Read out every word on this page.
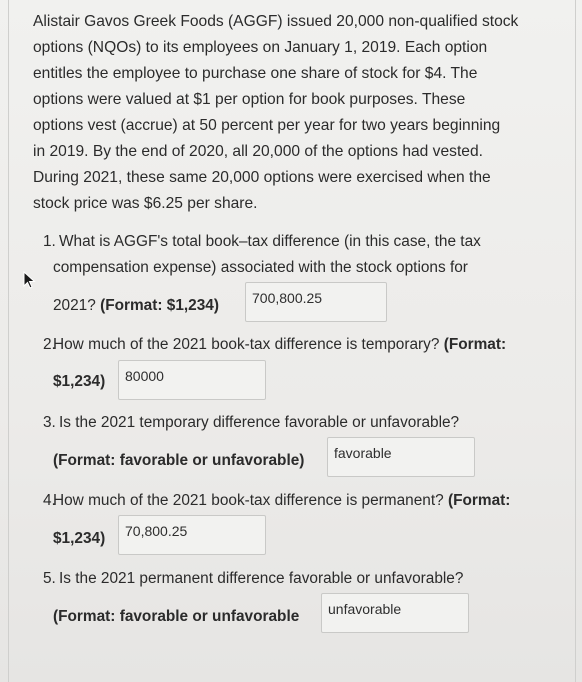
Alistair Gavos Greek Foods (AGGF) issued 20,000 non-qualified stock
options (NQOs) to its employees on January 1, 2019. Each option
entitles the employee to purchase one share of stock for $4. The
options were valued at $1 per option for book purposes. These
options vest (accrue) at 50 percent per year for two years beginning
in 2019. By the end of 2020, all 20,000 of the options had vested.
During 2021, these same 20,000 options were exercised when the
stock price was $6.25 per share.
1. What is AGGF's total book–tax difference (in this case, the tax
compensation expense) associated with the stock options for
2021? (Format: $1,234)	700,800.25
2.
How much of the 2021 book-tax difference is temporary? (Format:
$1,234)	80000
3. Is the 2021 temporary difference favorable or unfavorable?
(Format: favorable or unfavorable)	favorable
4.
How much of the 2021 book-tax difference is permanent? (Format:
$1,234)	70,800.25
5. Is the 2021 permanent difference favorable or unfavorable?
(Format: favorable or unfavorable	unfavorable
